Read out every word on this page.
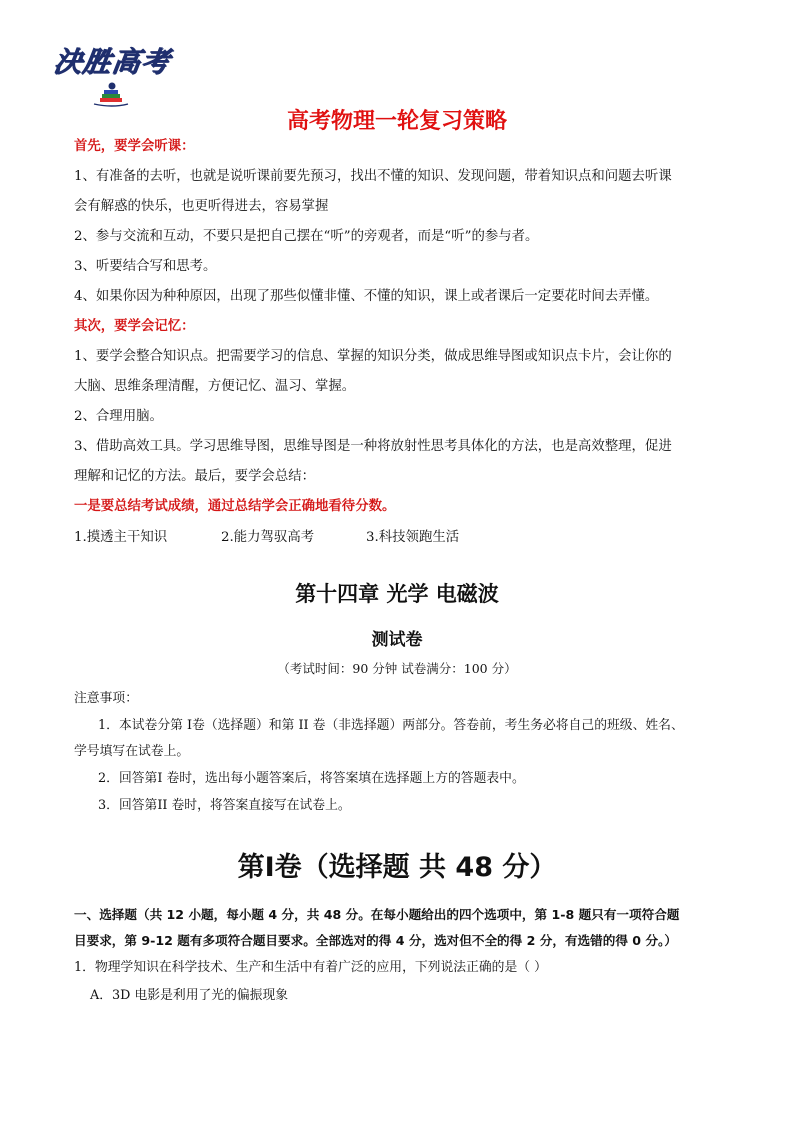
決胜高考
高考物理一轮复习策略
首先，要学会听课：
1、有准备的去听，也就是说听课前要先预习，找出不懂的知识、发现问题，带着知识点和问题去听课
会有解惑的快乐，也更听得进去，容易掌握
2、参与交流和互动，不要只是把自己摆在“听”的旁观者，而是“听”的参与者。
3、听要结合写和思考。
4、如果你因为种种原因，出现了那些似懂非懂、不懂的知识，课上或者课后一定要花时间去弄懂。
其次，要学会记忆：
1、要学会整合知识点。把需要学习的信息、掌握的知识分类，做成思维导图或知识点卡片，会让你的
大脑、思维条理清醒，方便记忆、温习、掌握。
2、合理用脑。
3、借助高效工具。学习思维导图，思维导图是一种将放射性思考具体化的方法，也是高效整理，促进
理解和记忆的方法。最后，要学会总结：
一是要总结考试成绩，通过总结学会正确地看待分数。
1.摸透主干知识	2.能力驾驭高考	3.科技领跑生活
第十四章 光学 电磁波
测试卷
（考试时间：90 分钟 试卷满分：100 分）
注意事项：
1．本试卷分第 I卷（选择题）和第 II 卷（非选择题）两部分。答卷前，考生务必将自己的班级、姓名、
学号填写在试卷上。
2．回答第I 卷时，选出每小题答案后，将答案填在选择题上方的答题表中。
3．回答第II 卷时，将答案直接写在试卷上。
第Ⅰ卷（选择题 共 48 分）
一、选择题（共 12 小题，每小题 4 分，共 48 分。在每小题给出的四个选项中，第 1-8 题只有一项符合题
目要求，第 9-12 题有多项符合题目要求。全部选对的得 4 分，选对但不全的得 2 分，有选错的得 0 分。）
1．物理学知识在科学技术、生产和生活中有着广泛的应用，下列说法正确的是（ ）
A．3D 电影是利用了光的偏振现象
